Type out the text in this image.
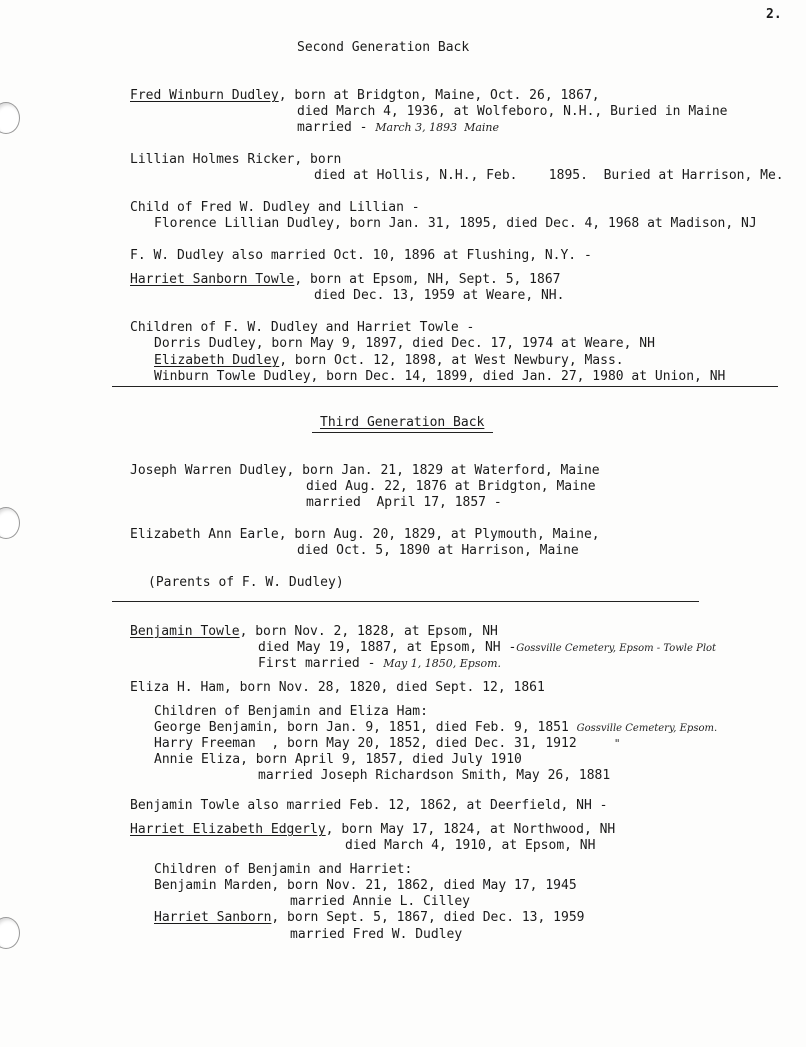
2.
Second Generation Back
Fred Winburn Dudley, born at Bridgton, Maine, Oct. 26, 1867,
died March 4, 1936, at Wolfeboro, N.H., Buried in Maine
married - March 3, 1893  Maine
Lillian Holmes Ricker, born
died at Hollis, N.H., Feb.    1895.  Buried at Harrison, Me.
Child of Fred W. Dudley and Lillian -
Florence Lillian Dudley, born Jan. 31, 1895, died Dec. 4, 1968 at Madison, NJ
F. W. Dudley also married Oct. 10, 1896 at Flushing, N.Y. -
Harriet Sanborn Towle, born at Epsom, NH, Sept. 5, 1867
died Dec. 13, 1959 at Weare, NH.
Children of F. W. Dudley and Harriet Towle -
Dorris Dudley, born May 9, 1897, died Dec. 17, 1974 at Weare, NH
Elizabeth Dudley, born Oct. 12, 1898, at West Newbury, Mass.
Winburn Towle Dudley, born Dec. 14, 1899, died Jan. 27, 1980 at Union, NH
Third Generation Back
Joseph Warren Dudley, born Jan. 21, 1829 at Waterford, Maine
died Aug. 22, 1876 at Bridgton, Maine
married  April 17, 1857 -
Elizabeth Ann Earle, born Aug. 20, 1829, at Plymouth, Maine,
died Oct. 5, 1890 at Harrison, Maine
(Parents of F. W. Dudley)
Benjamin Towle, born Nov. 2, 1828, at Epsom, NH
died May 19, 1887, at Epsom, NH -Gossville Cemetery, Epsom - Towle Plot
First married - May 1, 1850, Epsom.
Eliza H. Ham, born Nov. 28, 1820, died Sept. 12, 1861
Children of Benjamin and Eliza Ham:
George Benjamin, born Jan. 9, 1851, died Feb. 9, 1851 Gossville Cemetery, Epsom.
Harry Freeman  , born May 20, 1852, died Dec. 31, 1912	"
Annie Eliza, born April 9, 1857, died July 1910
married Joseph Richardson Smith, May 26, 1881
Benjamin Towle also married Feb. 12, 1862, at Deerfield, NH -
Harriet Elizabeth Edgerly, born May 17, 1824, at Northwood, NH
died March 4, 1910, at Epsom, NH
Children of Benjamin and Harriet:
Benjamin Marden, born Nov. 21, 1862, died May 17, 1945
married Annie L. Cilley
Harriet Sanborn, born Sept. 5, 1867, died Dec. 13, 1959
married Fred W. Dudley
